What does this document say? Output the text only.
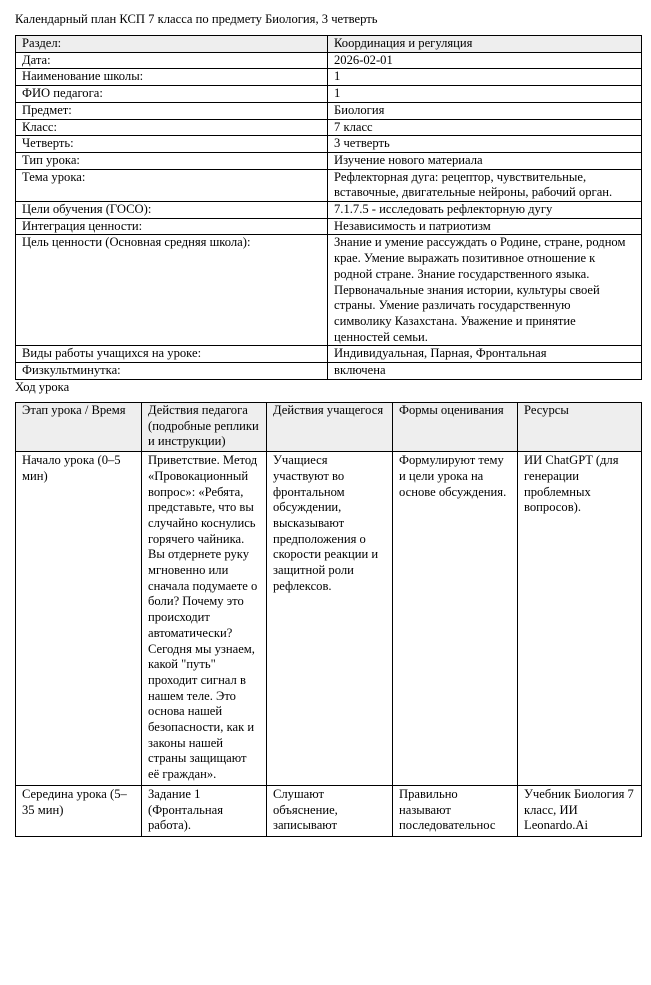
Календарный план КСП 7 класса по предмету Биология, 3 четверть
Раздел:	Координация и регуляция
Дата:	2026-02-01
Наименование школы:	1
ФИО педагога:	1
Предмет:	Биология
Класс:	7 класс
Четверть:	3 четверть
Тип урока:	Изучение нового материала
Тема урока:	Рефлекторная дуга: рецептор, чувствительные, вставочные, двигательные нейроны, рабочий орган.
Цели обучения (ГОСО):	7.1.7.5 - исследовать рефлекторную дугу
Интеграция ценности:	Независимость и патриотизм
Цель ценности (Основная средняя школа):	Знание и умение рассуждать о Родине, стране, родном крае. Умение выражать позитивное отношение к родной стране. Знание государственного языка. Первоначальные знания истории, культуры своей страны. Умение различать государственную символику Казахстана. Уважение и принятие ценностей семьи.
Виды работы учащихся на уроке:	Индивидуальная, Парная, Фронтальная
Физкультминутка:	включена
Ход урока
Этап урока / Время	Действия педагога (подробные реплики и инструкции)	Действия учащегося	Формы оценивания	Ресурсы
Начало урока (0–5 мин)	Приветствие. Метод «Провокационный вопрос»: «Ребята, представьте, что вы случайно коснулись горячего чайника. Вы отдернете руку мгновенно или сначала подумаете о боли? Почему это происходит автоматически? Сегодня мы узнаем, какой "путь" проходит сигнал в нашем теле. Это основа нашей безопасности, как и законы нашей страны защищают её граждан».	Учащиеся участвуют во фронтальном обсуждении, высказывают предположения о скорости реакции и защитной роли рефлексов.	Формулируют тему и цели урока на основе обсуждения.	ИИ ChatGPT (для генерации проблемных вопросов).
Середина урока (5–35 мин)	Задание 1 (Фронтальная работа).	Слушают объяснение, записывают	Правильно называют последовательнос	Учебник Биология 7 класс, ИИ Leonardo.Ai
